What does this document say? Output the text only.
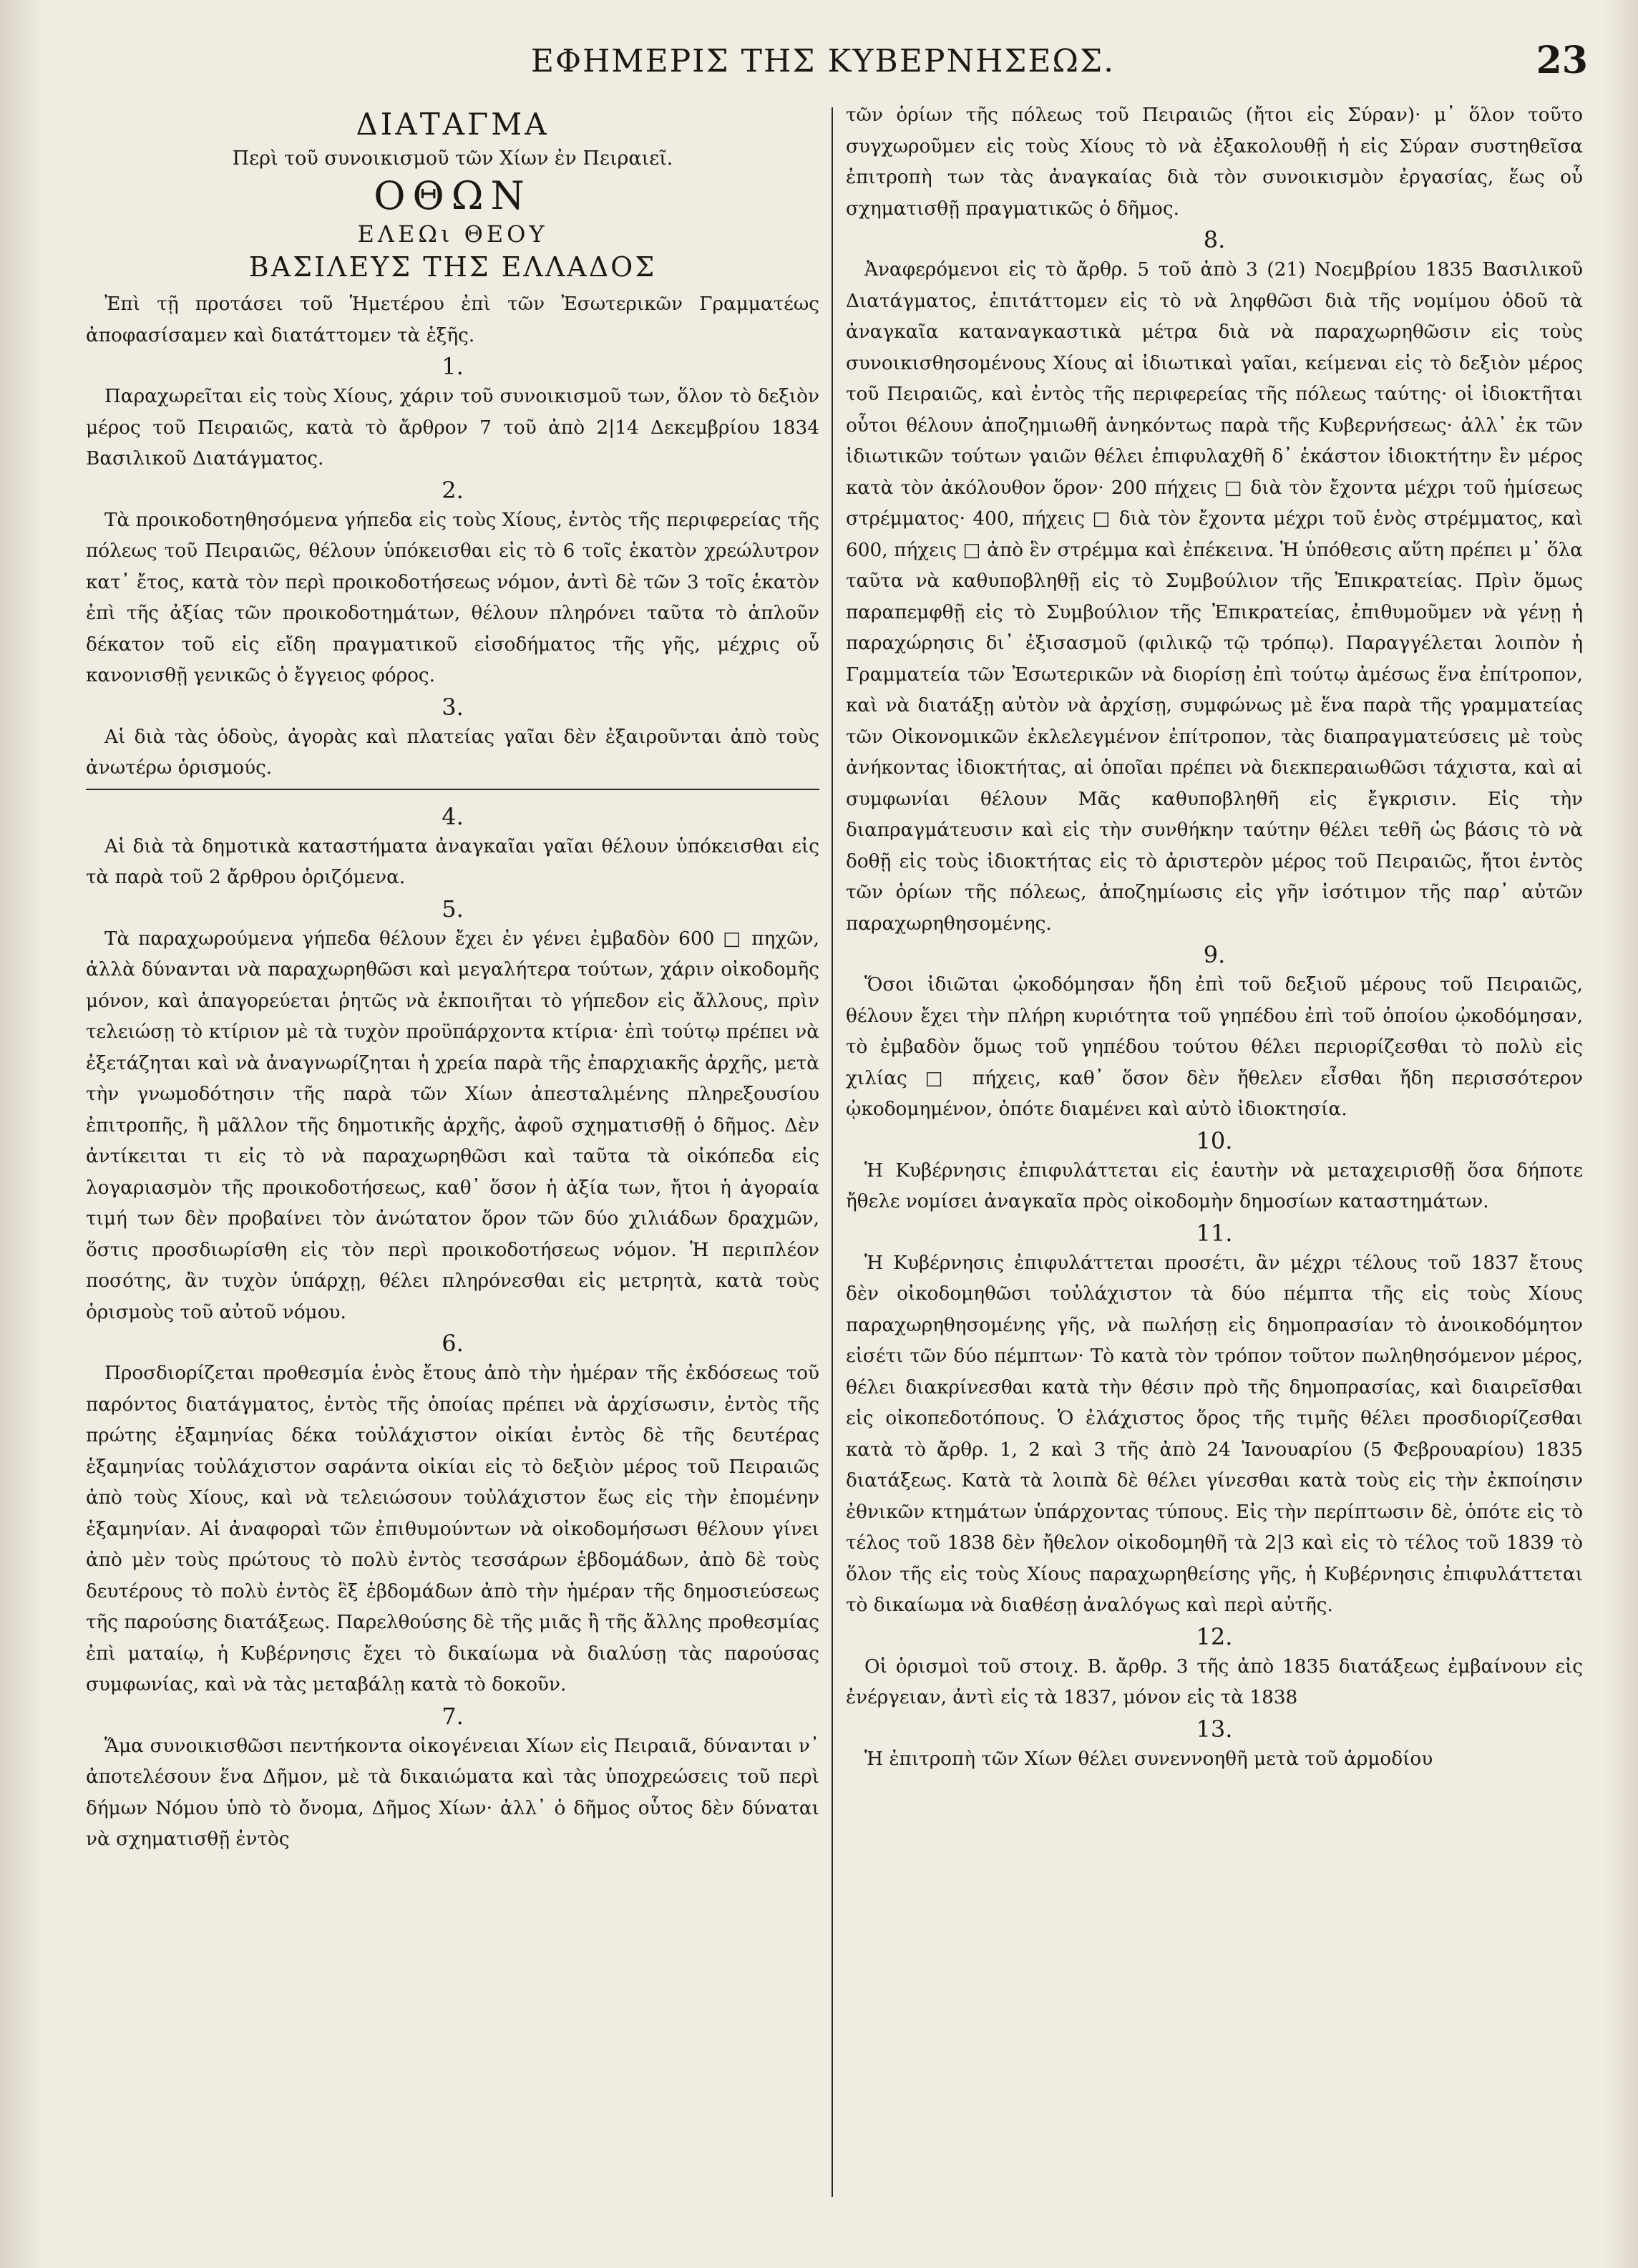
ΕΦΗΜΕΡΙΣ ΤΗΣ ΚΥΒΕΡΝΗΣΕΩΣ.	23

ΔΙΑΤΑΓΜΑ

Περὶ τοῦ συνοικισμοῦ τῶν Χίων ἐν Πειραιεῖ.

ΟΘΩΝ

ΕΛΕΩι ΘΕΟΥ

ΒΑΣΙΛΕΥΣ ΤΗΣ ΕΛΛΑΔΟΣ

Ἐπὶ τῇ προτάσει τοῦ Ἡμετέρου ἐπὶ τῶν Ἐσωτερικῶν Γραμματέως ἀποφασίσαμεν καὶ διατάττομεν τὰ ἑξῆς.

1.

Παραχωρεῖται εἰς τοὺς Χίους, χάριν τοῦ συνοικισμοῦ των, ὅλον τὸ δεξιὸν μέρος τοῦ Πειραιῶς, κατὰ τὸ ἄρθρον 7 τοῦ ἀπὸ 2|14 Δεκεμβρίου 1834 Βασιλικοῦ Διατάγματος.

2.

Τὰ προικοδοτηθησόμενα γήπεδα εἰς τοὺς Χίους, ἐντὸς τῆς περιφερείας τῆς πόλεως τοῦ Πειραιῶς, θέλουν ὑπόκεισθαι εἰς τὸ 6 τοῖς ἑκατὸν χρεώλυτρον κατ᾽ ἔτος, κατὰ τὸν περὶ προικοδοτήσεως νόμον, ἀντὶ δὲ τῶν 3 τοῖς ἑκατὸν ἐπὶ τῆς ἀξίας τῶν προικοδοτημάτων, θέλουν πληρόνει ταῦτα τὸ ἁπλοῦν δέκατον τοῦ εἰς εἴδη πραγματικοῦ εἰσοδήματος τῆς γῆς, μέχρις οὗ κανονισθῇ γενικῶς ὁ ἔγγειος φόρος.

3.

Αἱ διὰ τὰς ὁδοὺς, ἀγορὰς καὶ πλατείας γαῖαι δὲν ἐξαιροῦνται ἀπὸ τοὺς ἀνωτέρω ὁρισμούς.

4.

Αἱ διὰ τὰ δημοτικὰ καταστήματα ἀναγκαῖαι γαῖαι θέλουν ὑπόκεισθαι εἰς τὰ παρὰ τοῦ 2 ἄρθρου ὁριζόμενα.

5.

Τὰ παραχωρούμενα γήπεδα θέλουν ἔχει ἐν γένει ἐμβαδὸν 600 □ πηχῶν, ἀλλὰ δύνανται νὰ παραχωρηθῶσι καὶ μεγαλήτερα τούτων, χάριν οἰκοδομῆς μόνον, καὶ ἀπαγορεύεται ῥητῶς νὰ ἐκποιῆται τὸ γήπεδον εἰς ἄλλους, πρὶν τελειώσῃ τὸ κτίριον μὲ τὰ τυχὸν προϋπάρχοντα κτίρια· ἐπὶ τούτῳ πρέπει νὰ ἐξετάζηται καὶ νὰ ἀναγνωρίζηται ἡ χρεία παρὰ τῆς ἐπαρχιακῆς ἀρχῆς, μετὰ τὴν γνωμοδότησιν τῆς παρὰ τῶν Χίων ἀπεσταλμένης πληρεξουσίου ἐπιτροπῆς, ἢ μᾶλλον τῆς δημοτικῆς ἀρχῆς, ἀφοῦ σχηματισθῇ ὁ δῆμος. Δὲν ἀντίκειται τι εἰς τὸ νὰ παραχωρηθῶσι καὶ ταῦτα τὰ οἰκόπεδα εἰς λογαριασμὸν τῆς προικοδοτήσεως, καθ᾽ ὅσον ἡ ἀξία των, ἤτοι ἡ ἀγοραία τιμή των δὲν προβαίνει τὸν ἀνώτατον ὅρον τῶν δύο χιλιάδων δραχμῶν, ὅστις προσδιωρίσθη εἰς τὸν περὶ προικοδοτήσεως νόμον. Ἡ περιπλέον ποσότης, ἂν τυχὸν ὑπάρχῃ, θέλει πληρόνεσθαι εἰς μετρητὰ, κατὰ τοὺς ὁρισμοὺς τοῦ αὐτοῦ νόμου.

6.

Προσδιορίζεται προθεσμία ἑνὸς ἔτους ἀπὸ τὴν ἡμέραν τῆς ἐκδόσεως τοῦ παρόντος διατάγματος, ἐντὸς τῆς ὁποίας πρέπει νὰ ἀρχίσωσιν, ἐντὸς τῆς πρώτης ἑξαμηνίας δέκα τοὐλάχιστον οἰκίαι ἐντὸς δὲ τῆς δευτέρας ἑξαμηνίας τοὐλάχιστον σαράντα οἰκίαι εἰς τὸ δεξιὸν μέρος τοῦ Πειραιῶς ἀπὸ τοὺς Χίους, καὶ νὰ τελειώσουν τοὐλάχιστον ἕως εἰς τὴν ἐπομένην ἑξαμηνίαν. Αἱ ἀναφοραὶ τῶν ἐπιθυμούντων νὰ οἰκοδομήσωσι θέλουν γίνει ἀπὸ μὲν τοὺς πρώτους τὸ πολὺ ἐντὸς τεσσάρων ἑβδομάδων, ἀπὸ δὲ τοὺς δευτέρους τὸ πολὺ ἐντὸς ἓξ ἑβδομάδων ἀπὸ τὴν ἡμέραν τῆς δημοσιεύσεως τῆς παρούσης διατάξεως. Παρελθούσης δὲ τῆς μιᾶς ἢ τῆς ἄλλης προθεσμίας ἐπὶ ματαίῳ, ἡ Κυβέρνησις ἔχει τὸ δικαίωμα νὰ διαλύσῃ τὰς παρούσας συμφωνίας, καὶ νὰ τὰς μεταβάλῃ κατὰ τὸ δοκοῦν.

7.

Ἅμα συνοικισθῶσι πεντήκοντα οἰκογένειαι Χίων εἰς Πειραιᾶ, δύνανται ν᾽ ἀποτελέσουν ἕνα Δῆμον, μὲ τὰ δικαιώματα καὶ τὰς ὑποχρεώσεις τοῦ περὶ δήμων Νόμου ὑπὸ τὸ ὄνομα, Δῆμος Χίων· ἀλλ᾽ ὁ δῆμος οὗτος δὲν δύναται νὰ σχηματισθῇ ἐντὸς

τῶν ὁρίων τῆς πόλεως τοῦ Πειραιῶς (ἤτοι εἰς Σύραν)· μ᾽ ὅλον τοῦτο συγχωροῦμεν εἰς τοὺς Χίους τὸ νὰ ἐξακολουθῇ ἡ εἰς Σύραν συστηθεῖσα ἐπιτροπὴ των τὰς ἀναγκαίας διὰ τὸν συνοικισμὸν ἐργασίας, ἕως οὗ σχηματισθῇ πραγματικῶς ὁ δῆμος.

8.

Ἀναφερόμενοι εἰς τὸ ἄρθρ. 5 τοῦ ἀπὸ 3 (21) Νοεμβρίου 1835 Βασιλικοῦ Διατάγματος, ἐπιτάττομεν εἰς τὸ νὰ ληφθῶσι διὰ τῆς νομίμου ὁδοῦ τὰ ἀναγκαῖα καταναγκαστικὰ μέτρα διὰ νὰ παραχωρηθῶσιν εἰς τοὺς συνοικισθησομένους Χίους αἱ ἰδιωτικαὶ γαῖαι, κείμεναι εἰς τὸ δεξιὸν μέρος τοῦ Πειραιῶς, καὶ ἐντὸς τῆς περιφερείας τῆς πόλεως ταύτης· οἱ ἰδιοκτῆται οὗτοι θέλουν ἀποζημιωθῆ ἀνηκόντως παρὰ τῆς Κυβερνήσεως· ἀλλ᾽ ἐκ τῶν ἰδιωτικῶν τούτων γαιῶν θέλει ἐπιφυλαχθῆ δ᾽ ἑκάστον ἰδιοκτήτην ἓν μέρος κατὰ τὸν ἀκόλουθον ὅρον· 200 πήχεις □ διὰ τὸν ἔχοντα μέχρι τοῦ ἡμίσεως στρέμματος· 400, πήχεις □ διὰ τὸν ἔχοντα μέχρι τοῦ ἑνὸς στρέμματος, καὶ 600, πήχεις □ ἀπὸ ἓν στρέμμα καὶ ἐπέκεινα. Ἡ ὑπόθεσις αὕτη πρέπει μ᾽ ὅλα ταῦτα νὰ καθυποβληθῇ εἰς τὸ Συμβούλιον τῆς Ἐπικρατείας. Πρὶν ὅμως παραπεμφθῇ εἰς τὸ Συμβούλιον τῆς Ἐπικρατείας, ἐπιθυμοῦμεν νὰ γένῃ ἡ παραχώρησις δι᾽ ἐξισασμοῦ (φιλικῷ τῷ τρόπῳ). Παραγγέλεται λοιπὸν ἡ Γραμματεία τῶν Ἐσωτερικῶν νὰ διορίσῃ ἐπὶ τούτῳ ἀμέσως ἕνα ἐπίτροπον, καὶ νὰ διατάξῃ αὐτὸν νὰ ἀρχίσῃ, συμφώνως μὲ ἕνα παρὰ τῆς γραμματείας τῶν Οἰκονομικῶν ἐκλελεγμένον ἐπίτροπον, τὰς διαπραγματεύσεις μὲ τοὺς ἀνήκοντας ἰδιοκτήτας, αἱ ὁποῖαι πρέπει νὰ διεκπεραιωθῶσι τάχιστα, καὶ αἱ συμφωνίαι θέλουν Μᾶς καθυποβληθῆ εἰς ἔγκρισιν. Εἰς τὴν διαπραγμάτευσιν καὶ εἰς τὴν συνθήκην ταύτην θέλει τεθῆ ὡς βάσις τὸ νὰ δοθῇ εἰς τοὺς ἰδιοκτήτας εἰς τὸ ἀριστερὸν μέρος τοῦ Πειραιῶς, ἤτοι ἐντὸς τῶν ὁρίων τῆς πόλεως, ἀποζημίωσις εἰς γῆν ἰσότιμον τῆς παρ᾽ αὐτῶν παραχωρηθησομένης.

9.

Ὅσοι ἰδιῶται ᾠκοδόμησαν ἤδη ἐπὶ τοῦ δεξιοῦ μέρους τοῦ Πειραιῶς, θέλουν ἔχει τὴν πλήρη κυριότητα τοῦ γηπέδου ἐπὶ τοῦ ὁποίου ᾠκοδόμησαν, τὸ ἐμβαδὸν ὅμως τοῦ γηπέδου τούτου θέλει περιορίζεσθαι τὸ πολὺ εἰς χιλίας □ πήχεις, καθ᾽ ὅσον δὲν ἤθελεν εἶσθαι ἤδη περισσότερον ᾠκοδομημένον, ὁπότε διαμένει καὶ αὐτὸ ἰδιοκτησία.

10.

Ἡ Κυβέρνησις ἐπιφυλάττεται εἰς ἑαυτὴν νὰ μεταχειρισθῇ ὅσα δήποτε ἤθελε νομίσει ἀναγκαῖα πρὸς οἰκοδομὴν δημοσίων καταστημάτων.

11.

Ἡ Κυβέρνησις ἐπιφυλάττεται προσέτι, ἂν μέχρι τέλους τοῦ 1837 ἔτους δὲν οἰκοδομηθῶσι τοὐλάχιστον τὰ δύο πέμπτα τῆς εἰς τοὺς Χίους παραχωρηθησομένης γῆς, νὰ πωλήσῃ εἰς δημοπρασίαν τὸ ἀνοικοδόμητον εἰσέτι τῶν δύο πέμπτων· Τὸ κατὰ τὸν τρόπον τοῦτον πωληθησόμενον μέρος, θέλει διακρίνεσθαι κατὰ τὴν θέσιν πρὸ τῆς δημοπρασίας, καὶ διαιρεῖσθαι εἰς οἰκοπεδοτόπους. Ὁ ἐλάχιστος ὅρος τῆς τιμῆς θέλει προσδιορίζεσθαι κατὰ τὸ ἄρθρ. 1, 2 καὶ 3 τῆς ἀπὸ 24 Ἰανουαρίου (5 Φεβρουαρίου) 1835 διατάξεως. Κατὰ τὰ λοιπὰ δὲ θέλει γίνεσθαι κατὰ τοὺς εἰς τὴν ἐκποίησιν ἐθνικῶν κτημάτων ὑπάρχοντας τύπους. Εἰς τὴν περίπτωσιν δὲ, ὁπότε εἰς τὸ τέλος τοῦ 1838 δὲν ἤθελον οἰκοδομηθῆ τὰ 2|3 καὶ εἰς τὸ τέλος τοῦ 1839 τὸ ὅλον τῆς εἰς τοὺς Χίους παραχωρηθείσης γῆς, ἡ Κυβέρνησις ἐπιφυλάττεται τὸ δικαίωμα νὰ διαθέσῃ ἀναλόγως καὶ περὶ αὐτῆς.

12.

Οἱ ὁρισμοὶ τοῦ στοιχ. Β. ἄρθρ. 3 τῆς ἀπὸ 1835 διατάξεως ἐμβαίνουν εἰς ἐνέργειαν, ἀντὶ εἰς τὰ 1837, μόνον εἰς τὰ 1838

13.

Ἡ ἐπιτροπὴ τῶν Χίων θέλει συνεννοηθῆ μετὰ τοῦ ἁρμοδίου
